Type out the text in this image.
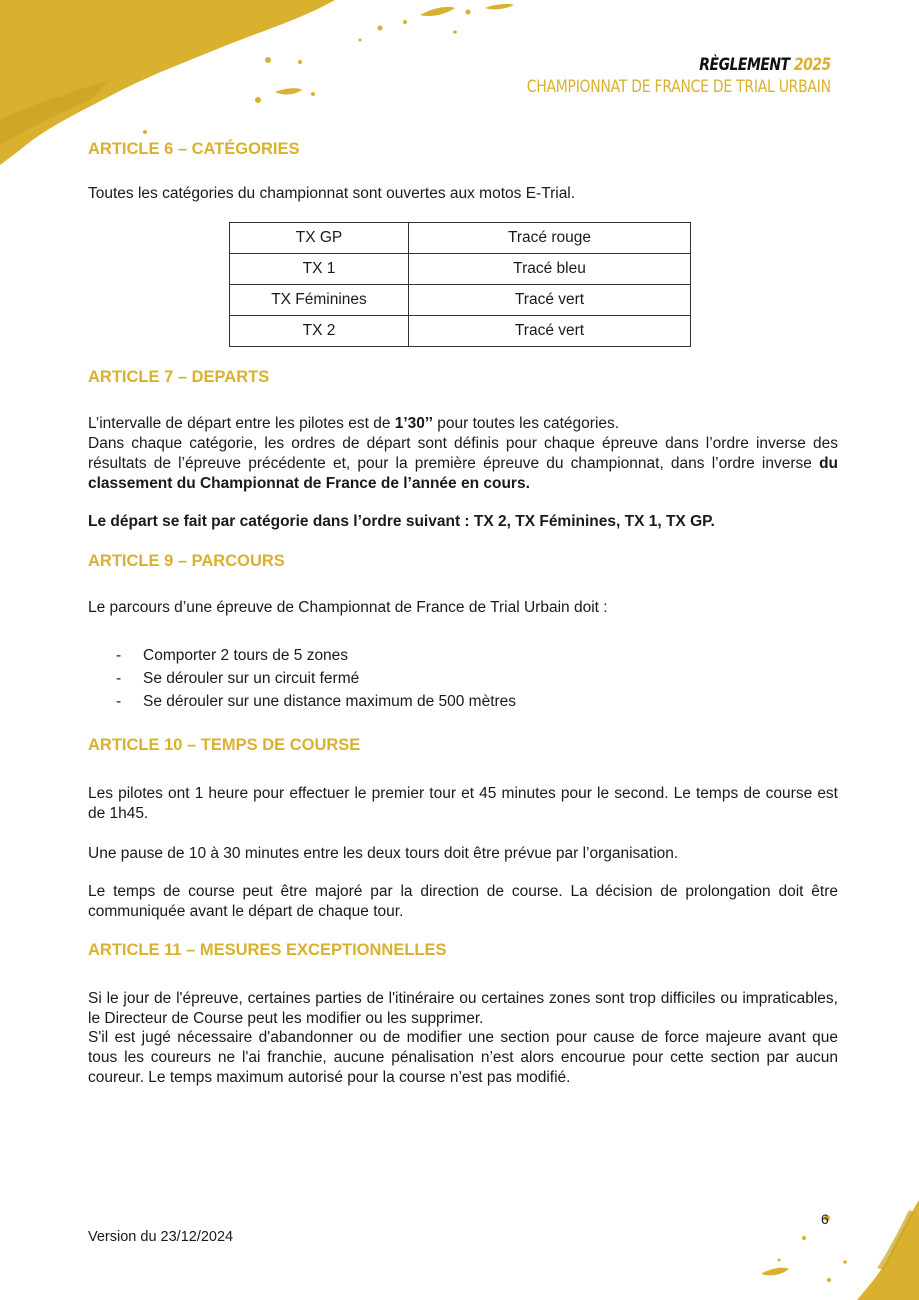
RÈGLEMENT 2025
CHAMPIONNAT DE FRANCE DE TRIAL URBAIN
ARTICLE 6 – CATÉGORIES
Toutes les catégories du championnat sont ouvertes aux motos E-Trial.
TX GP	Tracé rouge
TX 1	Tracé bleu
TX Féminines	Tracé vert
TX 2	Tracé vert
ARTICLE 7 – DEPARTS
L’intervalle de départ entre les pilotes est de 1’30’’ pour toutes les catégories.
Dans chaque catégorie, les ordres de départ sont définis pour chaque épreuve dans l’ordre inverse des résultats de l’épreuve précédente et, pour la première épreuve du championnat, dans l’ordre inverse du classement du Championnat de France de l’année en cours.
Le départ se fait par catégorie dans l’ordre suivant : TX 2, TX Féminines, TX 1, TX GP.
ARTICLE 9 – PARCOURS
Le parcours d’une épreuve de Championnat de France de Trial Urbain doit :
-	Comporter 2 tours de 5 zones
-	Se dérouler sur un circuit fermé
-	Se dérouler sur une distance maximum de 500 mètres
ARTICLE 10 – TEMPS DE COURSE
Les pilotes ont 1 heure pour effectuer le premier tour et 45 minutes pour le second. Le temps de course est de 1h45.
Une pause de 10 à 30 minutes entre les deux tours doit être prévue par l’organisation.
Le temps de course peut être majoré par la direction de course. La décision de prolongation doit être communiquée avant le départ de chaque tour.
ARTICLE 11 – MESURES EXCEPTIONNELLES
Si le jour de l'épreuve, certaines parties de l'itinéraire ou certaines zones sont trop difficiles ou impraticables, le Directeur de Course peut les modifier ou les supprimer.
S'il est jugé nécessaire d'abandonner ou de modifier une section pour cause de force majeure avant que tous les coureurs ne l'ai franchie, aucune pénalisation n’est alors encourue pour cette section par aucun coureur. Le temps maximum autorisé pour la course n’est pas modifié.
Version du 23/12/2024
6
